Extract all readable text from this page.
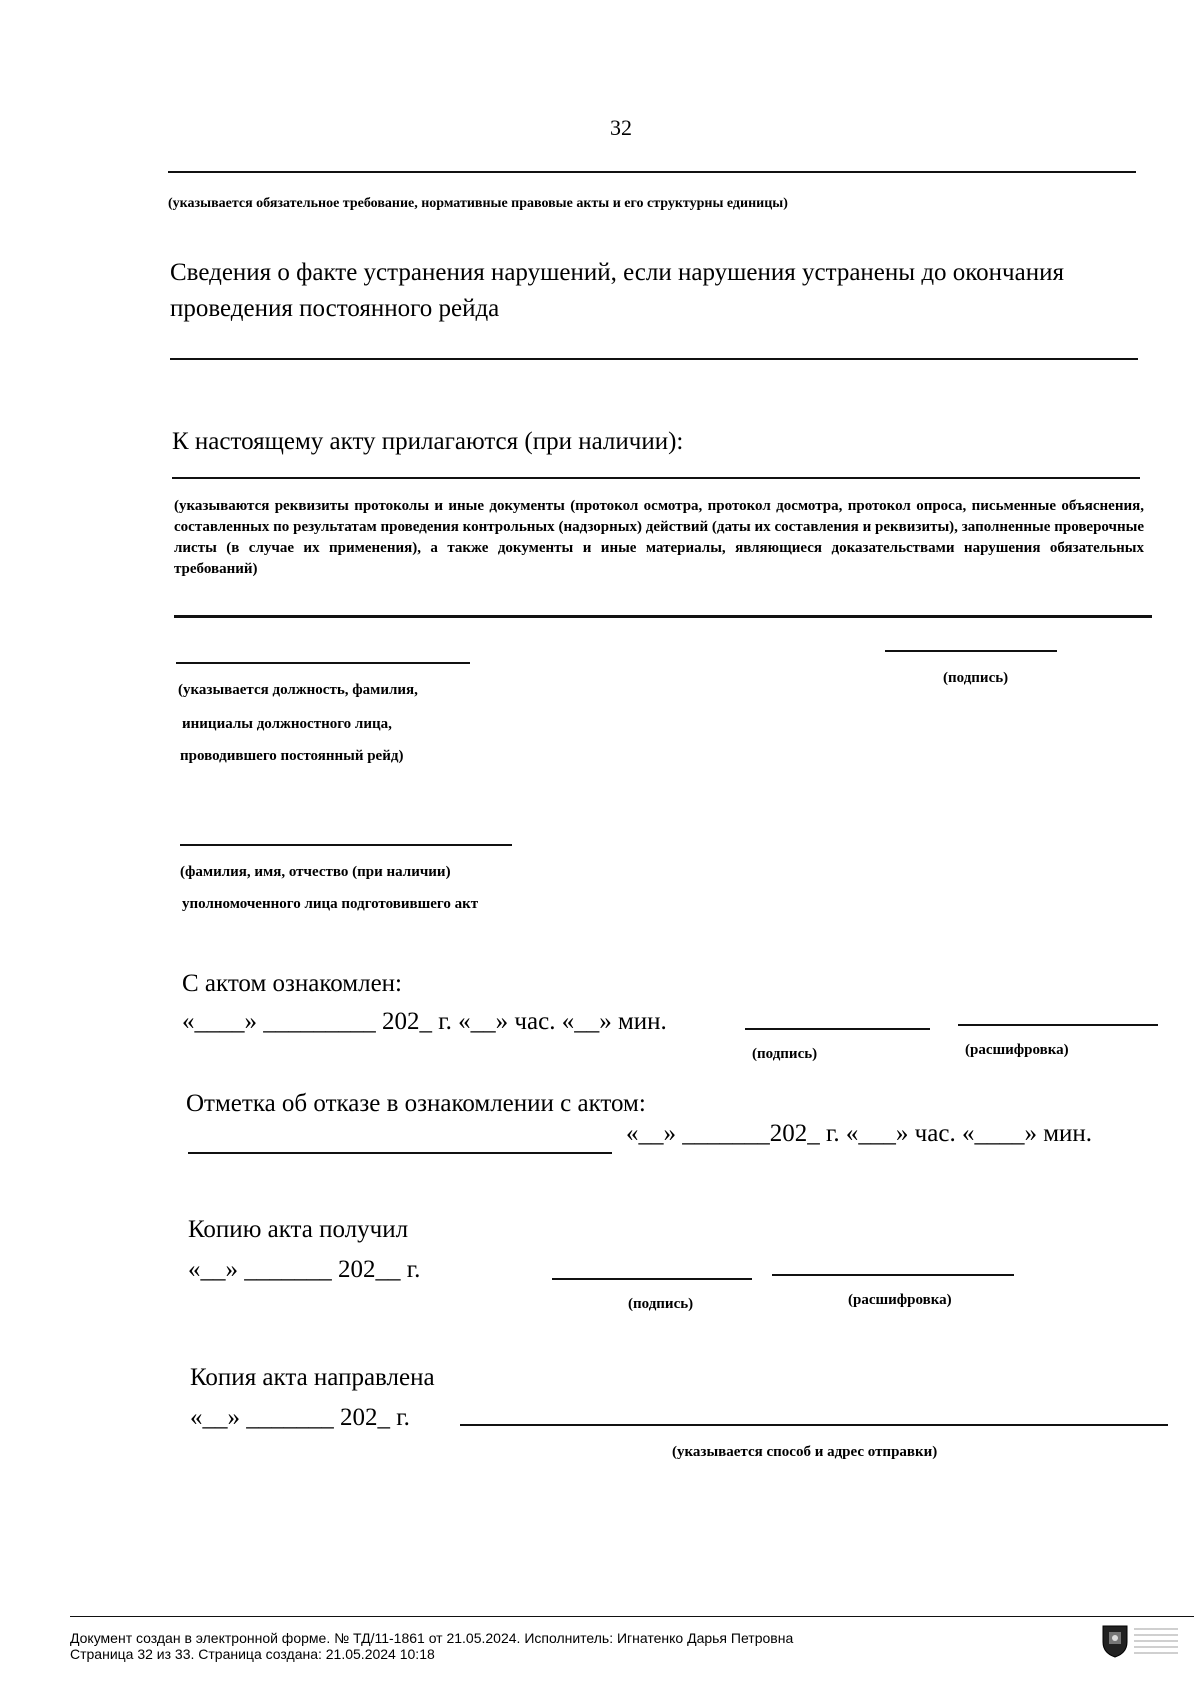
32
(указывается обязательное требование, нормативные правовые акты и его структурны единицы)
Сведения о факте устранения нарушений, если нарушения устранены до окончания проведения постоянного рейда
К настоящему акту прилагаются (при наличии):
(указываются реквизиты протоколы и иные документы (протокол осмотра, протокол досмотра, протокол опроса, письменные объяснения, составленных по результатам проведения контрольных (надзорных) действий (даты их составления и реквизиты), заполненные проверочные листы (в случае их применения), а также документы и иные материалы, являющиеся доказательствами нарушения обязательных требований)
(подпись)
(указывается должность, фамилия,
инициалы должностного лица,
проводившего постоянный рейд)
(фамилия, имя, отчество (при наличии)
уполномоченного лица подготовившего акт
С актом ознакомлен:
«____» _________ 202_ г. «__» час. «__» мин.
(подпись)	(расшифровка)
Отметка об отказе в ознакомлении с актом:
«__» _______202_ г. «___» час. «____» мин.
Копию акта получил
«__» _______ 202__ г.
(подпись)	(расшифровка)
Копия акта направлена
«__» _______ 202_ г.
(указывается способ и адрес отправки)
Документ создан в электронной форме. № ТД/11-1861 от 21.05.2024. Исполнитель: Игнатенко Дарья Петровна
Страница 32 из 33. Страница создана: 21.05.2024 10:18
